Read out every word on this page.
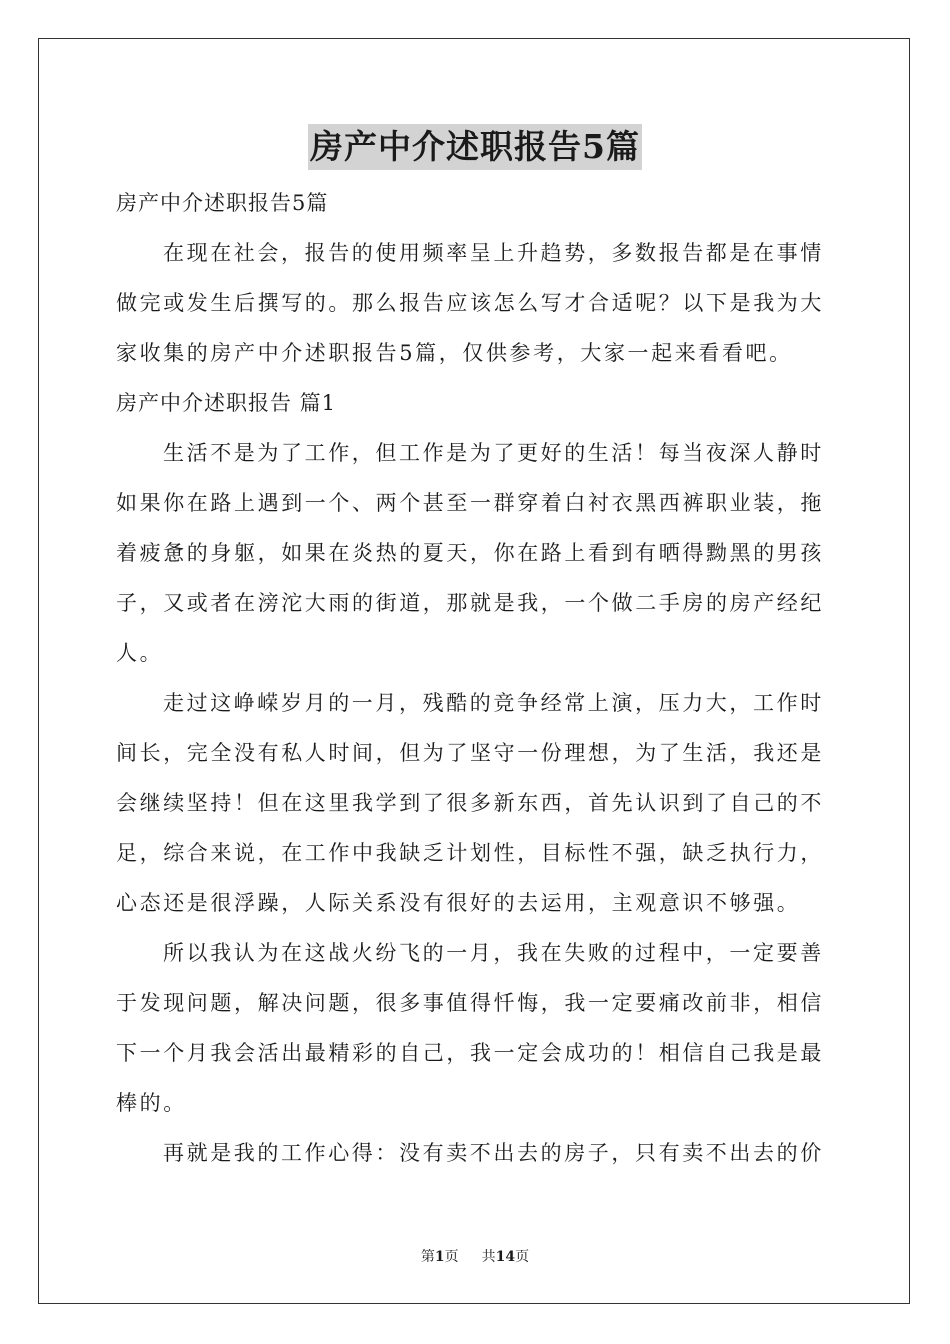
房产中介述职报告5篇
房产中介述职报告5篇
在现在社会，报告的使用频率呈上升趋势，多数报告都是在事情
做完或发生后撰写的。那么报告应该怎么写才合适呢？以下是我为大
家收集的房产中介述职报告5篇，仅供参考，大家一起来看看吧。
房产中介述职报告 篇1
生活不是为了工作，但工作是为了更好的生活！每当夜深人静时
如果你在路上遇到一个、两个甚至一群穿着白衬衣黑西裤职业装，拖
着疲惫的身躯，如果在炎热的夏天，你在路上看到有晒得黝黑的男孩
子，又或者在滂沱大雨的街道，那就是我，一个做二手房的房产经纪
人。
走过这峥嵘岁月的一月，残酷的竞争经常上演，压力大，工作时
间长，完全没有私人时间，但为了坚守一份理想，为了生活，我还是
会继续坚持！但在这里我学到了很多新东西，首先认识到了自己的不
足，综合来说，在工作中我缺乏计划性，目标性不强，缺乏执行力，
心态还是很浮躁，人际关系没有很好的去运用，主观意识不够强。
所以我认为在这战火纷飞的一月，我在失败的过程中，一定要善
于发现问题，解决问题，很多事值得忏悔，我一定要痛改前非，相信
下一个月我会活出最精彩的自己，我一定会成功的！相信自己我是最
棒的。
再就是我的工作心得：没有卖不出去的房子，只有卖不出去的价
第1页 共14页
